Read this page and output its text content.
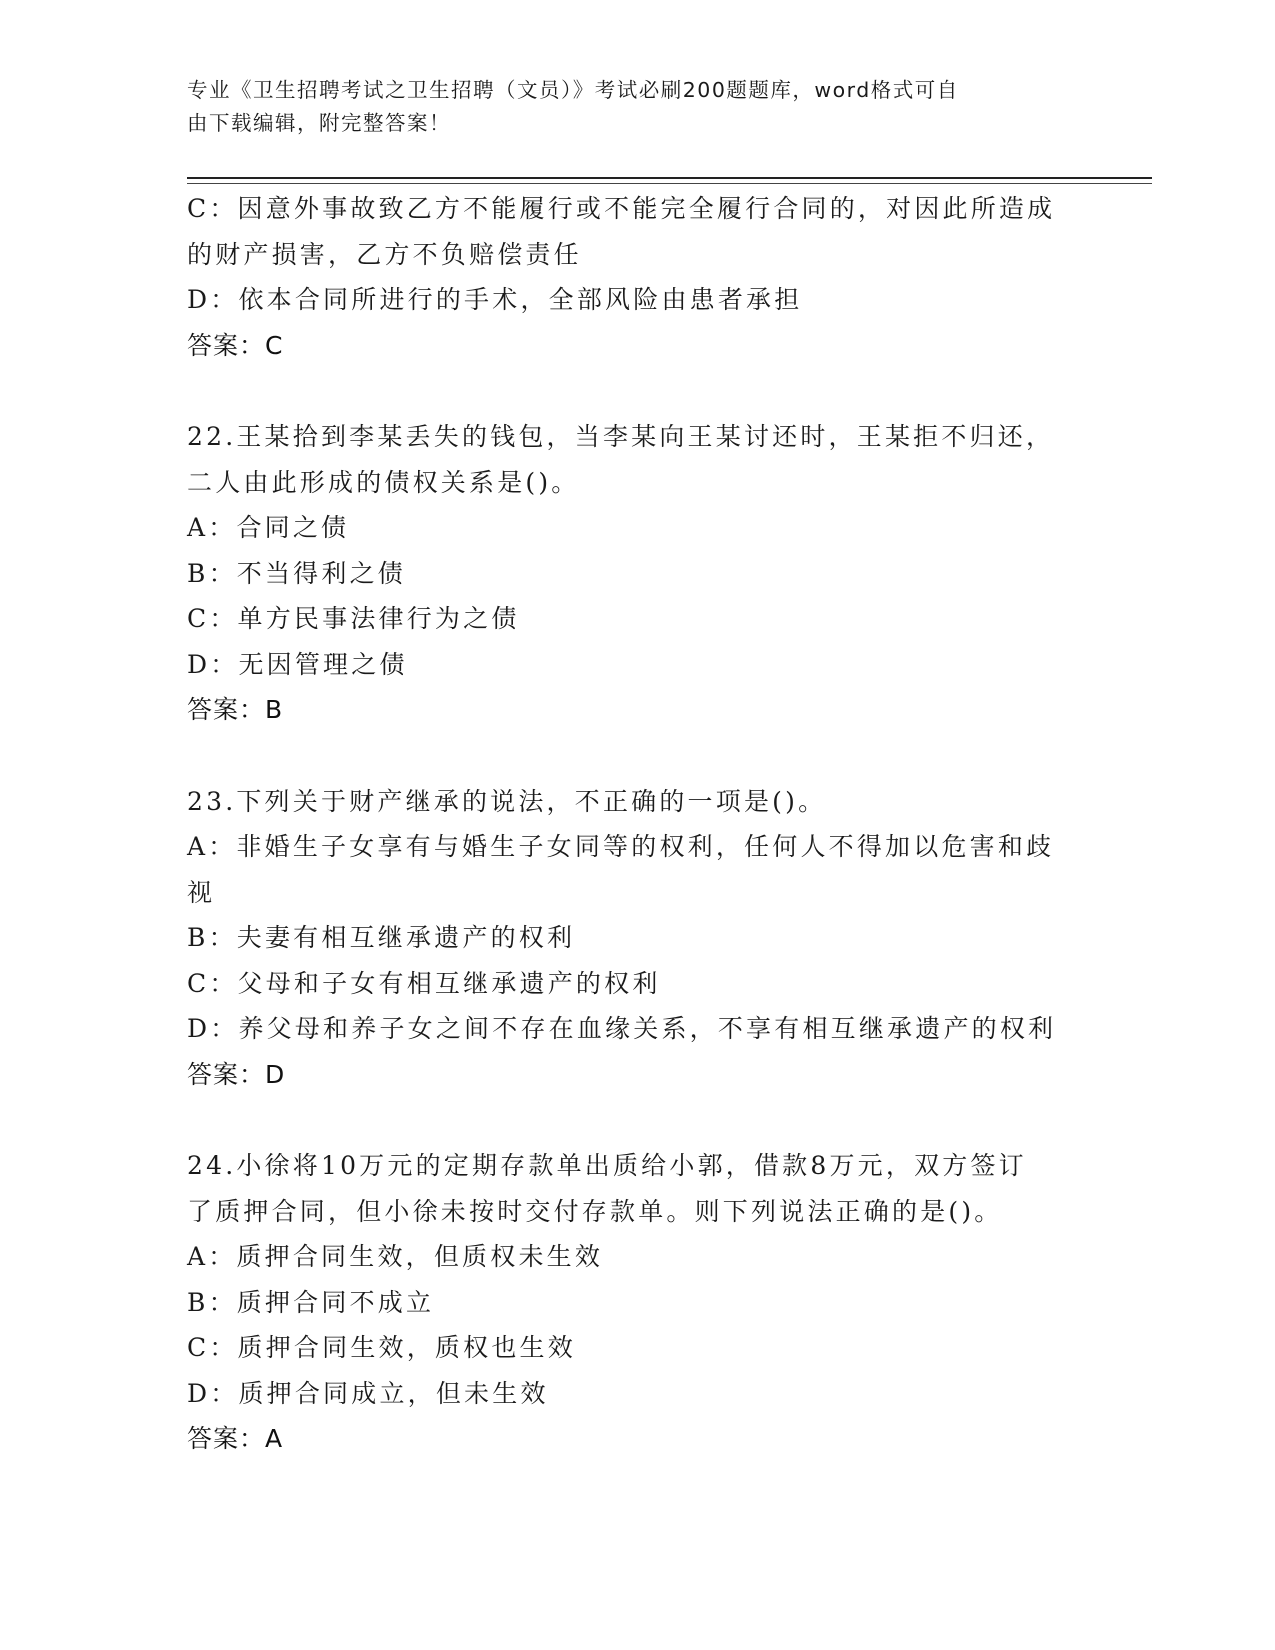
专业《卫生招聘考试之卫生招聘（文员）》考试必刷200题题库，word格式可自
由下载编辑，附完整答案！
C：因意外事故致乙方不能履行或不能完全履行合同的，对因此所造成
的财产损害，乙方不负赔偿责任
D：依本合同所进行的手术，全部风险由患者承担
答案：C
22.王某拾到李某丢失的钱包，当李某向王某讨还时，王某拒不归还，
二人由此形成的债权关系是()。
A：合同之债
B：不当得利之债
C：单方民事法律行为之债
D：无因管理之债
答案：B
23.下列关于财产继承的说法，不正确的一项是()。
A：非婚生子女享有与婚生子女同等的权利，任何人不得加以危害和歧
视
B：夫妻有相互继承遗产的权利
C：父母和子女有相互继承遗产的权利
D：养父母和养子女之间不存在血缘关系，不享有相互继承遗产的权利
答案：D
24.小徐将10万元的定期存款单出质给小郭，借款8万元，双方签订
了质押合同，但小徐未按时交付存款单。则下列说法正确的是()。
A：质押合同生效，但质权未生效
B：质押合同不成立
C：质押合同生效，质权也生效
D：质押合同成立，但未生效
答案：A
